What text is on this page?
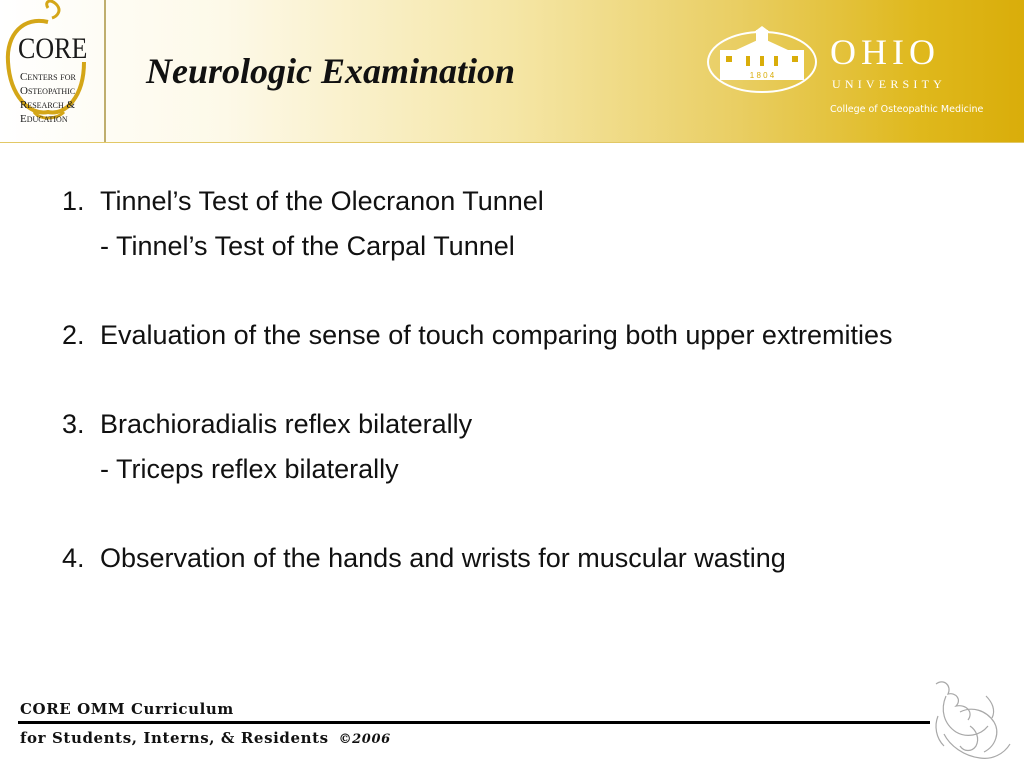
CORE
Centers for
Osteopathic
Research &
Education
Neurologic Examination	1 8 0 4
OHIO
UNIVERSITY
College of Osteopathic Medicine
1. Tinnel’s Test of the Olecranon Tunnel
- Tinnel’s Test of the Carpal Tunnel
2. Evaluation of the sense of touch comparing both upper extremities
3. Brachioradialis reflex bilaterally
- Triceps reflex bilaterally
4. Observation of the hands and wrists for muscular wasting
CORE OMM Curriculum
for Students, Interns, & Residents ©2006
